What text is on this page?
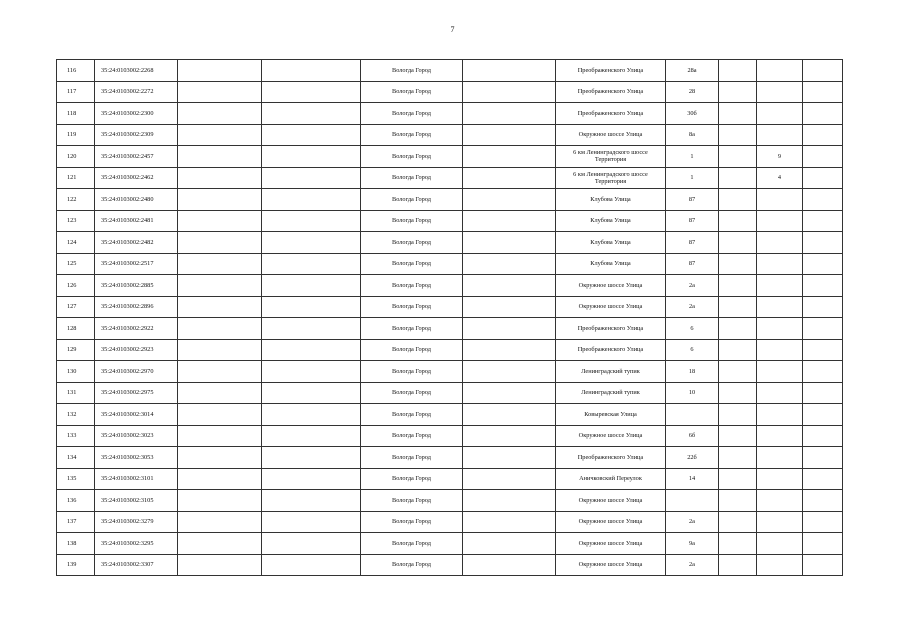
7
116	35:24:0103002:2268			Вологда Город		Преображенского Улица	28а			
117	35:24:0103002:2272			Вологда Город		Преображенского Улица	28			
118	35:24:0103002:2300			Вологда Город		Преображенского Улица	30б			
119	35:24:0103002:2309			Вологда Город		Окружное шоссе Улица	8а			
120	35:24:0103002:2457			Вологда Город		6 км Ленинградского шоссе Территория	1		9	
121	35:24:0103002:2462			Вологда Город		6 км Ленинградского шоссе Территория	1		4	
122	35:24:0103002:2480			Вологда Город		Клубова Улица	87			
123	35:24:0103002:2481			Вологда Город		Клубова Улица	87			
124	35:24:0103002:2482			Вологда Город		Клубова Улица	87			
125	35:24:0103002:2517			Вологда Город		Клубова Улица	87			
126	35:24:0103002:2885			Вологда Город		Окружное шоссе Улица	2а			
127	35:24:0103002:2896			Вологда Город		Окружное шоссе Улица	2а			
128	35:24:0103002:2922			Вологда Город		Преображенского Улица	6			
129	35:24:0103002:2923			Вологда Город		Преображенского Улица	6			
130	35:24:0103002:2970			Вологда Город		Ленинградский тупик	18			
131	35:24:0103002:2975			Вологда Город		Ленинградский тупик	10			
132	35:24:0103002:3014			Вологда Город		Ковыревская Улица				
133	35:24:0103002:3023			Вологда Город		Окружное шоссе Улица	6б			
134	35:24:0103002:3053			Вологда Город		Преображенского Улица	22б			
135	35:24:0103002:3101			Вологда Город		Аничковский Переулок	14			
136	35:24:0103002:3105			Вологда Город		Окружное шоссе Улица				
137	35:24:0103002:3279			Вологда Город		Окружное шоссе Улица	2а			
138	35:24:0103002:3295			Вологда Город		Окружное шоссе Улица	9а			
139	35:24:0103002:3307			Вологда Город		Окружное шоссе Улица	2а			
